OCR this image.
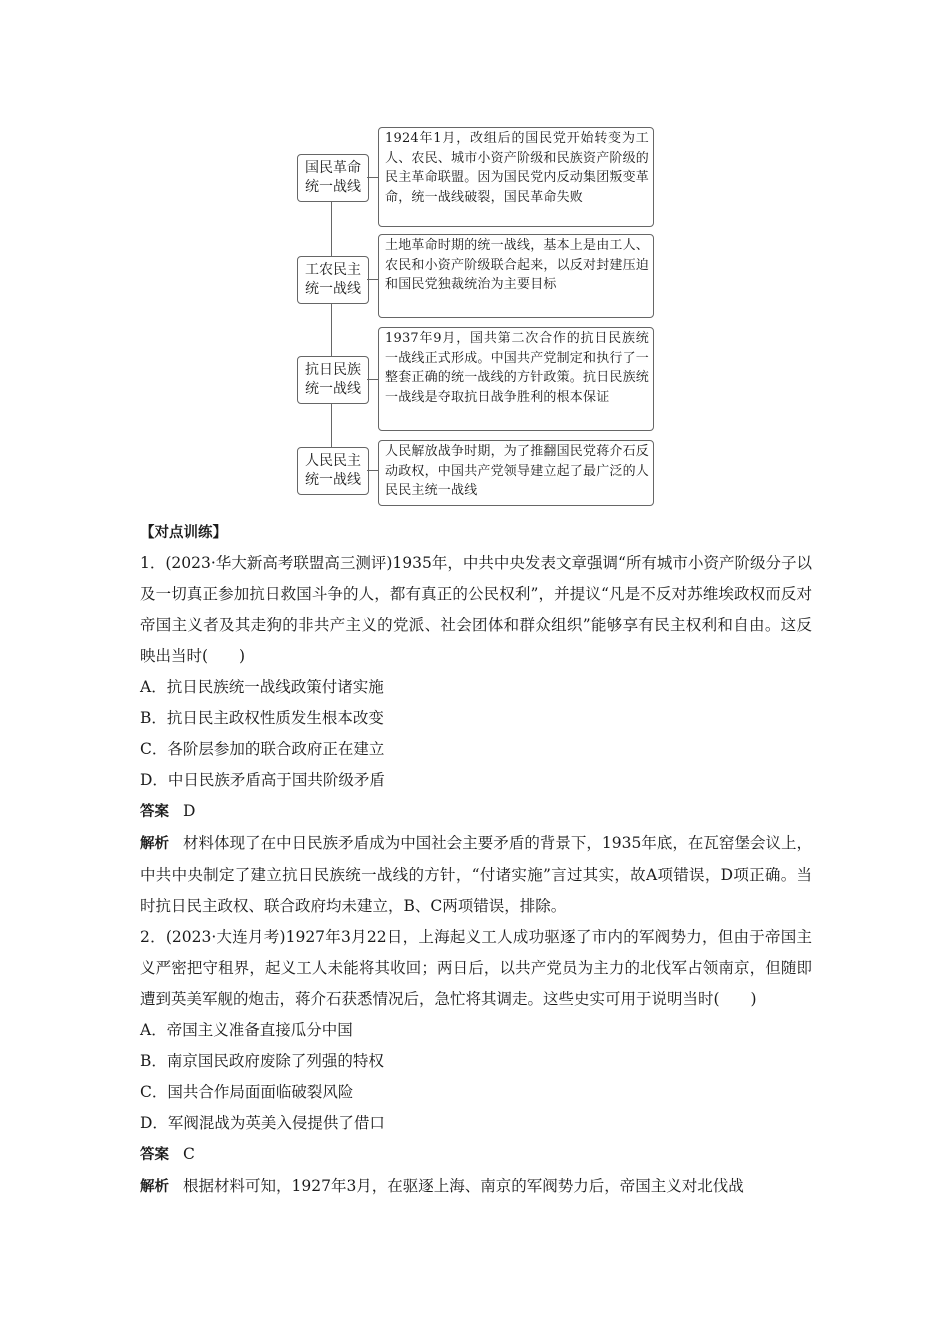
国民革命
统一战线
1924年1月，改组后的国民党开始转变为工人、农民、城市小资产阶级和民族资产阶级的民主革命联盟。因为国民党内反动集团叛变革命，统一战线破裂，国民革命失败
工农民主
统一战线
土地革命时期的统一战线，基本上是由工人、农民和小资产阶级联合起来，以反对封建压迫和国民党独裁统治为主要目标
抗日民族
统一战线
1937年9月，国共第二次合作的抗日民族统一战线正式形成。中国共产党制定和执行了一整套正确的统一战线的方针政策。抗日民族统一战线是夺取抗日战争胜利的根本保证
人民民主
统一战线
人民解放战争时期，为了推翻国民党蒋介石反动政权，中国共产党领导建立起了最广泛的人民民主统一战线
【对点训练】
1．(2023·华大新高考联盟高三测评)1935年，中共中央发表文章强调“所有城市小资产阶级分子以及一切真正参加抗日救国斗争的人，都有真正的公民权利”，并提议“凡是不反对苏维埃政权而反对帝国主义者及其走狗的非共产主义的党派、社会团体和群众组织”能够享有民主权利和自由。这反映出当时(　　)
A．抗日民族统一战线政策付诸实施
B．抗日民主政权性质发生根本改变
C．各阶层参加的联合政府正在建立
D．中日民族矛盾高于国共阶级矛盾
答案 D
解析 材料体现了在中日民族矛盾成为中国社会主要矛盾的背景下，1935年底，在瓦窑堡会议上，中共中央制定了建立抗日民族统一战线的方针，“付诸实施”言过其实，故A项错误，D项正确。当时抗日民主政权、联合政府均未建立，B、C两项错误，排除。
2．(2023·大连月考)1927年3月22日，上海起义工人成功驱逐了市内的军阀势力，但由于帝国主义严密把守租界，起义工人未能将其收回；两日后，以共产党员为主力的北伐军占领南京，但随即遭到英美军舰的炮击，蒋介石获悉情况后，急忙将其调走。这些史实可用于说明当时(　　)
A．帝国主义准备直接瓜分中国
B．南京国民政府废除了列强的特权
C．国共合作局面面临破裂风险
D．军阀混战为英美入侵提供了借口
答案 C
解析 根据材料可知，1927年3月，在驱逐上海、南京的军阀势力后，帝国主义对北伐战
